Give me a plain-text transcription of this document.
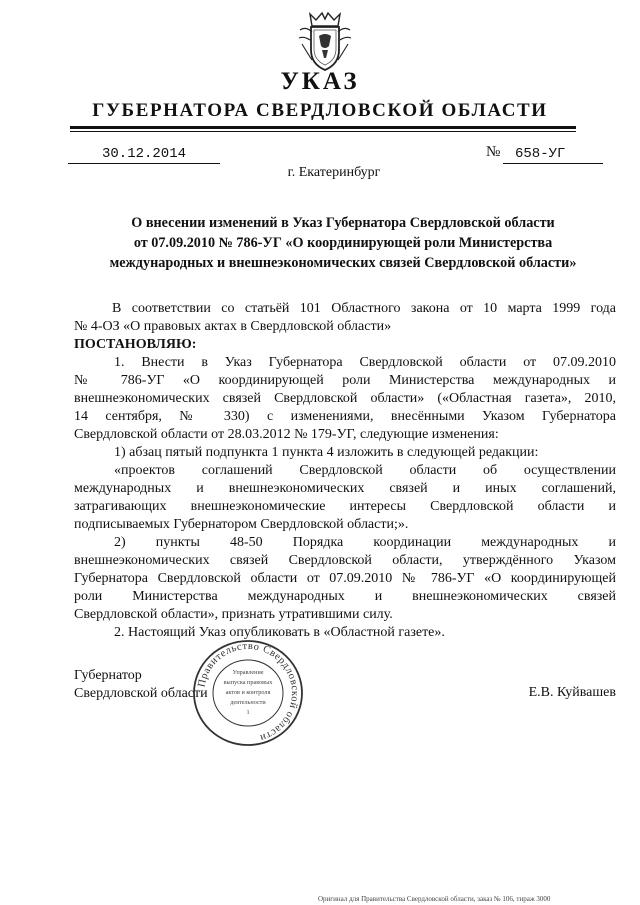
УКАЗ
ГУБЕРНАТОРА СВЕРДЛОВСКОЙ ОБЛАСТИ
30.12.2014	№	658-УГ
г. Екатеринбург
О внесении изменений в Указ Губернатора Свердловской области
от 07.09.2010 № 786-УГ «О координирующей роли Министерства
международных и внешнеэкономических связей Свердловской области»
В соответствии со статьёй 101 Областного закона от 10 марта 1999 года
№ 4-ОЗ «О правовых актах в Свердловской области»
ПОСТАНОВЛЯЮ:
1. Внести в Указ Губернатора Свердловской области от 07.09.2010
№ 786-УГ «О координирующей роли Министерства международных и
внешнеэкономических связей Свердловской области» («Областная газета», 2010,
14 сентября, № 330) с изменениями, внесёнными Указом Губернатора
Свердловской области от 28.03.2012 № 179-УГ, следующие изменения:
1) абзац пятый подпункта 1 пункта 4 изложить в следующей редакции:
«проектов соглашений Свердловской области об осуществлении
международных и внешнеэкономических связей и иных соглашений,
затрагивающих внешнеэкономические интересы Свердловской области и
подписываемых Губернатором Свердловской области;».
2) пункты 48-50 Порядка координации международных и
внешнеэкономических связей Свердловской области, утверждённого Указом
Губернатора Свердловской области от 07.09.2010 № 786-УГ «О координирующей
роли Министерства международных и внешнеэкономических связей
Свердловской области», признать утратившими силу.
2. Настоящий Указ опубликовать в «Областной газете».
Губернатор
Свердловской области	Е.В. Куйвашев
Правительство Свердловской области
Управление
выпуска правовых
актов и контроля
деятельности
1
Оригинал для Правительства Свердловской области, заказ № 106, тираж 3000
